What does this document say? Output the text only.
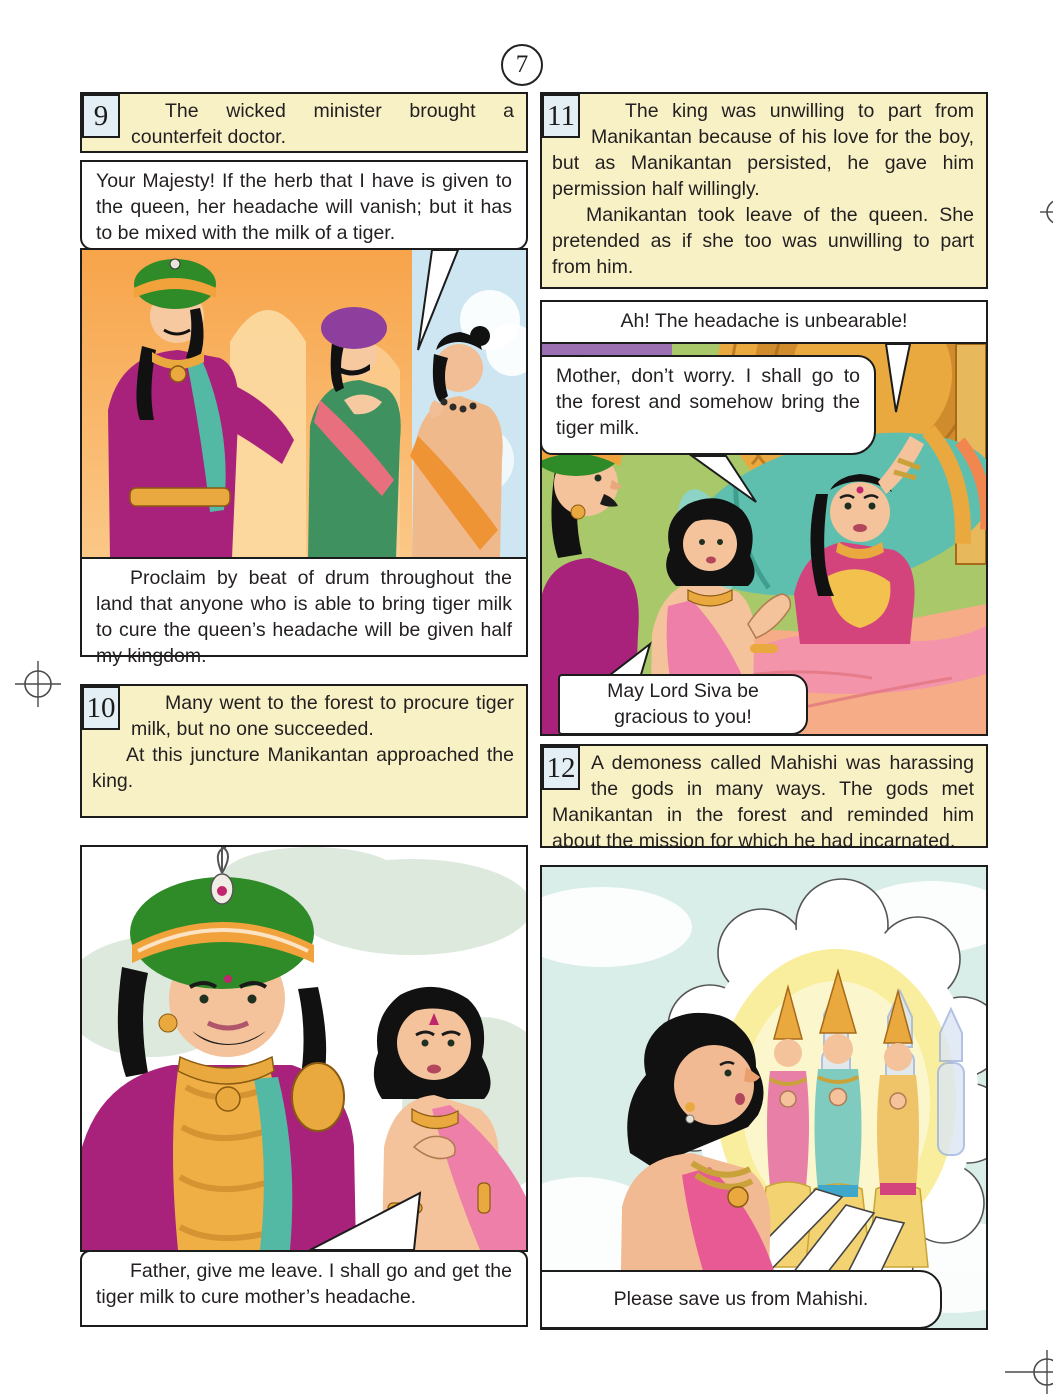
7
9	The wicked minister brought a counterfeit doctor.

Your Majesty! If the herb that I have is given to the queen, her headache will vanish; but it has to be mixed with the milk of a tiger.

Proclaim by beat of drum throughout the land that anyone who is able to bring tiger milk to cure the queen’s headache will be given half my kingdom.

10	Many went to the forest to procure tiger milk, but no one succeeded.

At this juncture Manikantan approached the king.

Father, give me leave. I shall go and get the tiger milk to cure mother’s headache.

11	The king was unwilling to part from Manikantan because of his love for the boy, but as Manikantan persisted, he gave him permission half willingly.

Manikantan took leave of the queen. She pretended as if she too was unwilling to part from him.

Ah! The headache is unbearable!

Mother, don’t worry. I shall go to the forest and somehow bring the tiger milk.

May Lord Siva be gracious to you!

12 A demoness called Mahishi was harassing the gods in many ways. The gods met Manikantan in the forest and reminded him about the mission for which he had incarnated.

Please save us from Mahishi.
